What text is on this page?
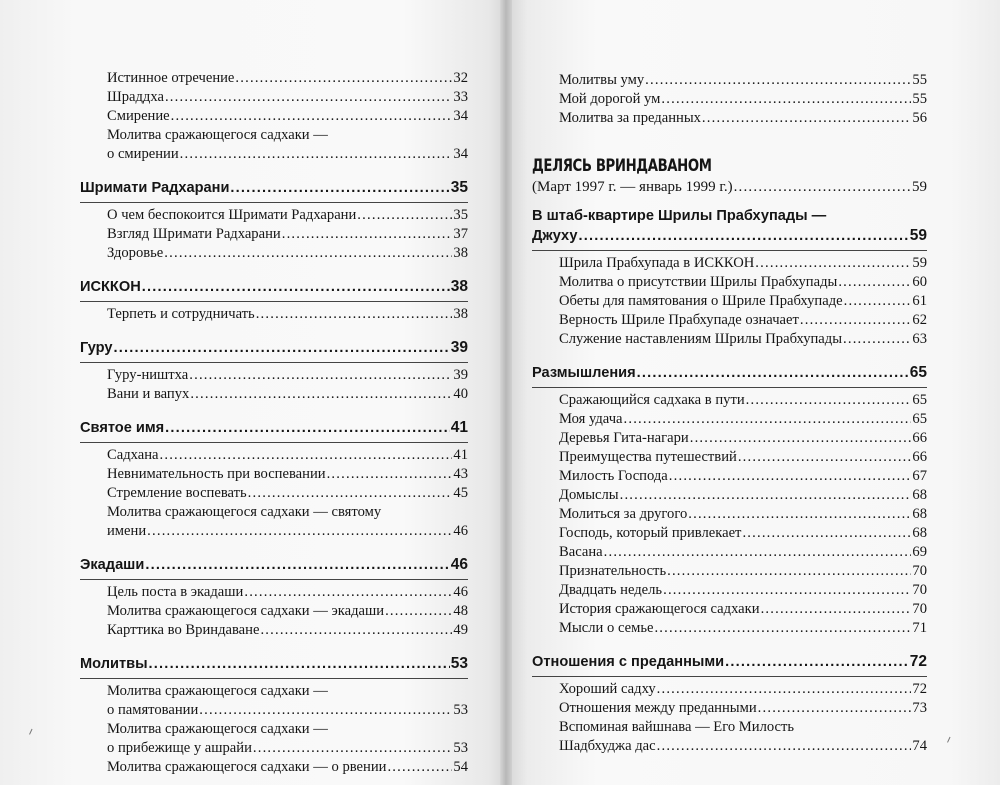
Истинное отречение .....	32
Шраддха .....	33
Смирение .....	34
Молитва сражающегося садхаки —
о смирении .....	34
Шримати Радхарани .....	35
О чем беспокоится Шримати Радхарани .....	35
Взгляд Шримати Радхарани .....	37
Здоровье .....	38
ИСККОН .....	38
Терпеть и сотрудничать .....	38
Гуру .....	39
Гуру-ништха .....	39
Вани и вапух .....	40
Святое имя .....	41
Садхана .....	41
Невнимательность при воспевании .....	43
Стремление воспевать .....	45
Молитва сражающегося садхаки — святому
имени .....	46
Экадаши .....	46
Цель поста в экадаши .....	46
Молитва сражающегося садхаки — экадаши .....	48
Карттика во Вриндаване .....	49
Молитвы .....	53
Молитва сражающегося садхаки —
о памятовании .....	53
Молитва сражающегося садхаки —
о прибежище у ашрайи .....	53
Молитва сражающегося садхаки — о рвении .....	54
Молитвы уму .....	55
Мой дорогой ум .....	55
Молитва за преданных .....	56
ДЕЛЯСЬ ВРИНДАВАНОМ
(Март 1997 г. — январь 1999 г.) .....	59
В штаб-квартире Шрилы Прабхупады —
Джуху .....	59
Шрила Прабхупада в ИСККОН .....	59
Молитва о присутствии Шрилы Прабхупады .....	60
Обеты для памятования о Шриле Прабхупаде .....	61
Верность Шриле Прабхупаде означает .....	62
Служение наставлениям Шрилы Прабхупады .....	63
Размышления .....	65
Сражающийся садхака в пути .....	65
Моя удача .....	65
Деревья Гита-нагари .....	66
Преимущества путешествий .....	66
Милость Господа .....	67
Домыслы .....	68
Молиться за другого .....	68
Господь, который привлекает .....	68
Васана .....	69
Признательность .....	70
Двадцать недель .....	70
История сражающегося садхаки .....	70
Мысли о семье .....	71
Отношения с преданными .....	72
Хороший садху .....	72
Отношения между преданными .....	73
Вспоминая вайшнава — Его Милость
Шадбхуджа дас .....	74
